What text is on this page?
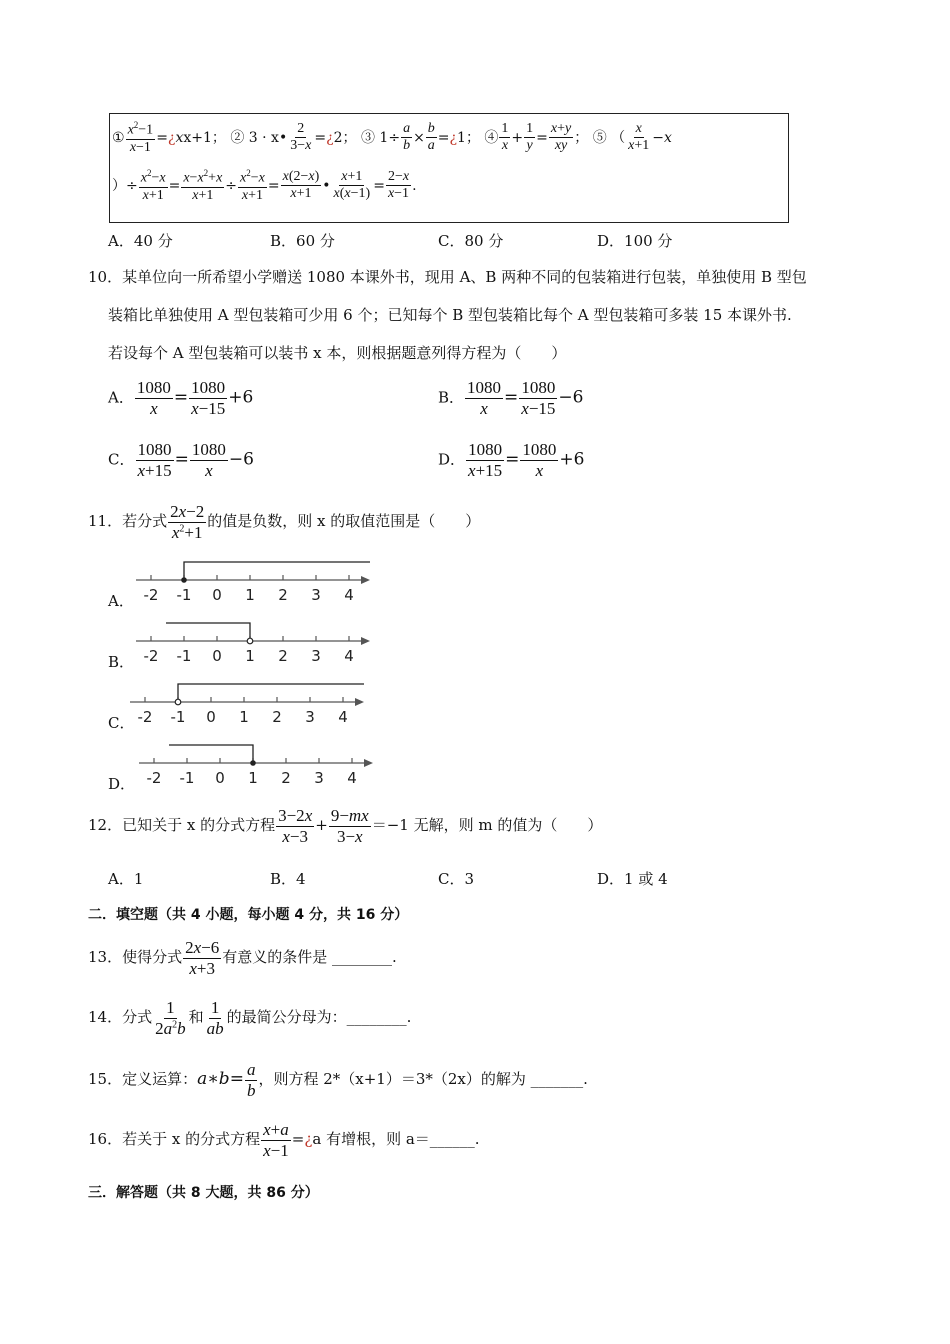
① $\frac{x^2-1}{x-1}$ =¿xx+1； ② 3 · x• $\frac{2}{3-x}$ =¿2； ③ $1\div \frac{a}{b} \times \frac{b}{a}$ =¿1； ④ $\frac{1}{x} + \frac{1}{y} = \frac{x+y}{xy}$ ； ⑤ （ $\frac{x}{x+1} -x$
）÷ $\frac{x^2-x}{x+1} = \frac{x-x^2+x}{x+1} \div \frac{x^2-x}{x+1} = \frac{x(2-x)}{x+1}$ • $\frac{x+1}{x(x-1)} = \frac{2-x}{x-1}$ .
A．40 分	B．60 分	C．80 分	D．100 分
10．某单位向一所希望小学赠送 1080 本课外书，现用 A、B 两种不同的包装箱进行包装，单独使用 B 型包
装箱比单独使用 A 型包装箱可少用 6 个；已知每个 B 型包装箱比每个 A 型包装箱可多装 15 本课外书.
若设每个 A 型包装箱可以装书 x 本，则根据题意列得方程为（　　）
A． $\frac{1080}{x} = \frac{1080}{x-15} +6$	B． $\frac{1080}{x} = \frac{1080}{x-15} -6$
C． $\frac{1080}{x+15} = \frac{1080}{x} -6$	D． $\frac{1080}{x+15} = \frac{1080}{x} +6$
11．若分式 $\frac{2x-2}{x^2+1}$ 的值是负数，则 x 的取值范围是（　　）
A．
B．
C．
D．
-2 -1 0 1 2 3 4
-2 -1 0 1 2 3 4
-2 -1 0 1 2 3 4
-2 -1 0 1 2 3 4
12．已知关于 x 的分式方程 $\frac{3-2x}{x-3} + \frac{9-mx}{3-x} =-1$ 无解，则 m 的值为（　　）
A．1	B．4	C．3	D．1 或 4
二．填空题（共 4 小题，每小题 4 分，共 16 分）
13．使得分式 $\frac{2x-6}{x+3}$ 有意义的条件是 ________.
14．分式 $\frac{1}{2a^2b}$ 和 $\frac{1}{ab}$ 的最简公分母为：________.
15．定义运算：a∗b= $\frac{a}{b}$ ，则方程 2*（x+1）＝3*（2x）的解为 _______.
16．若关于 x 的分式方程 $\frac{x+a}{x-1}$ =¿a 有增根，则 a＝______.
三．解答题（共 8 大题，共 86 分）
